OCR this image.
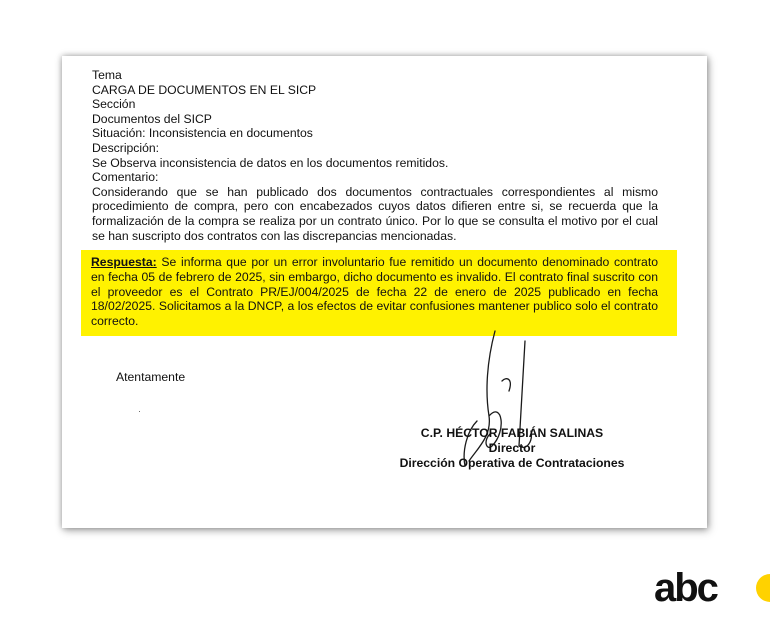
Tema
CARGA DE DOCUMENTOS EN EL SICP
Sección
Documentos del SICP
Situación: Inconsistencia en documentos
Descripción:
Se Observa inconsistencia de datos en los documentos remitidos.
Comentario:
Considerando que se han publicado dos documentos contractuales correspondientes al mismo procedimiento de compra, pero con encabezados cuyos datos difieren entre si, se recuerda que la formalización de la compra se realiza por un contrato único. Por lo que se consulta el motivo por el cual se han suscripto dos contratos con las discrepancias mencionadas.
Respuesta: Se informa que por un error involuntario fue remitido un documento denominado contrato en fecha 05 de febrero de 2025, sin embargo, dicho documento es invalido. El contrato final suscrito con el proveedor es el Contrato PR/EJ/004/2025 de fecha 22 de enero de 2025 publicado en fecha 18/02/2025. Solicitamos a la DNCP, a los efectos de evitar confusiones mantener publico solo el contrato correcto.
Atentamente
·
C.P. HÉCTOR FABIÁN SALINAS
Director
Dirección Operativa de Contrataciones
abc
